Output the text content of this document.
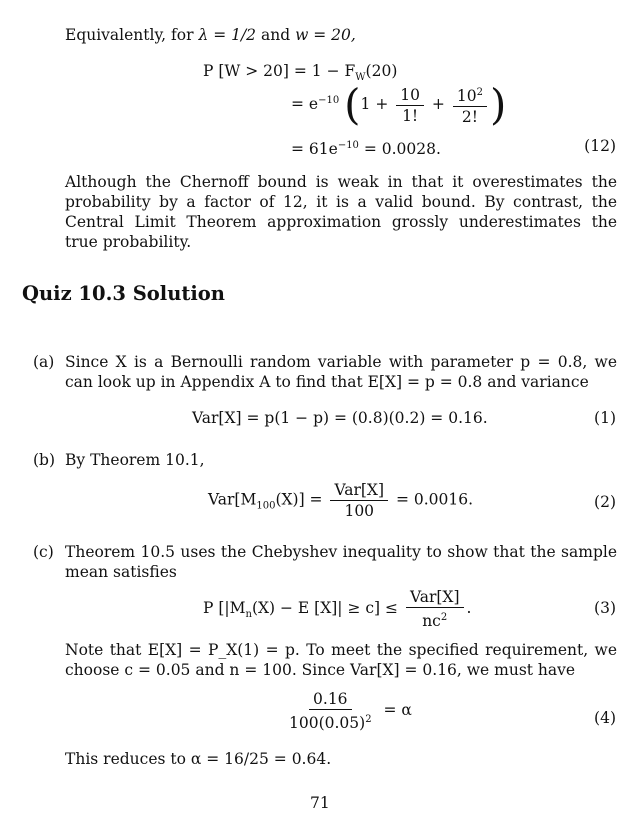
Equivalently, for λ = 1/2 and w = 20,
P $[W > 20] = 1 - F_W(20)$
= $e^{-10}$ ($1 + \frac{10}{1!} + \frac{10^2}{2!}$ )
= $61e^{-10} = 0.0028$.	(12)
Although the Chernoff bound is weak in that it overestimates the probability by a factor of 12, it is a valid bound. By contrast, the Central Limit Theorem approximation grossly underestimates the true probability.
Quiz 10.3 Solution
(a) Since X is a Bernoulli random variable with parameter p = 0.8, we can look up in Appendix A to find that E[X] = p = 0.8 and variance
Var[X] = p(1 − p) = (0.8)(0.2) = 0.16.	(1)
(b) By Theorem 10.1,
$Var[M_{100}(X)] = \frac{\text{Var[X]}}{100} = 0.0016$.	(2)
(c) Theorem 10.5 uses the Chebyshev inequality to show that the sample mean satisfies
P [$|M_n(X) - E$ $[X]| \ge c] \le \frac{\text{Var[X]}}{nc^2}$ .	(3)
Note that E[X] = P_X(1) = p. To meet the specified requirement, we choose c = 0.05 and n = 100. Since Var[X] = 0.16, we must have
$\frac{0.16}{100(0.05)^2} = \alpha$	(4)
This reduces to α = 16/25 = 0.64.
71
